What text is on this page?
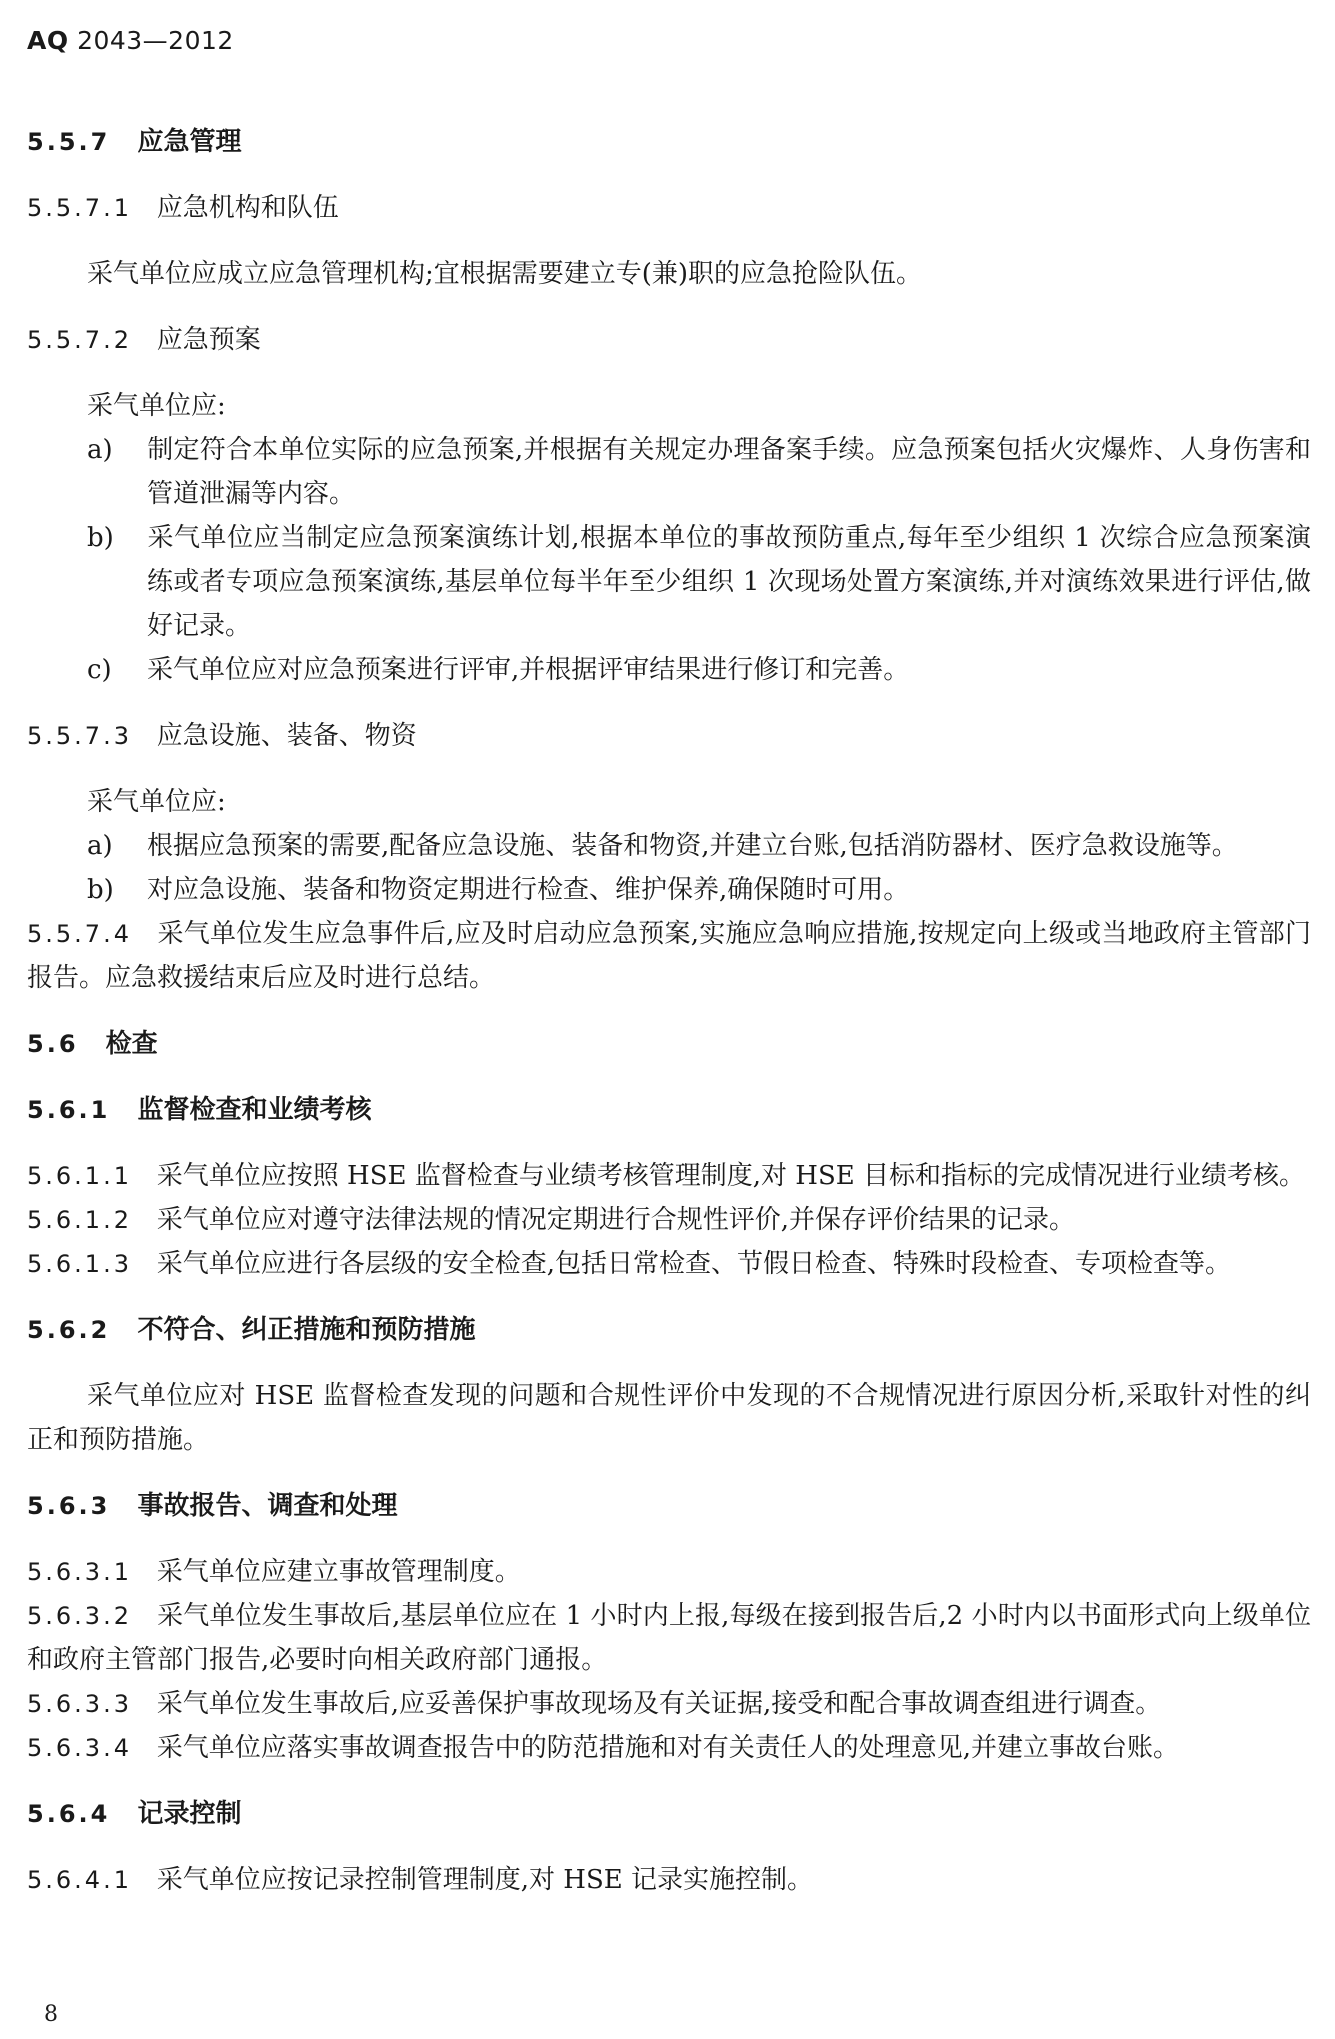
AQ 2043—2012

5.5.7 应急管理

5.5.7.1 应急机构和队伍

采气单位应成立应急管理机构;宜根据需要建立专(兼)职的应急抢险队伍。

5.5.7.2 应急预案

采气单位应:

a) 制定符合本单位实际的应急预案,并根据有关规定办理备案手续。应急预案包括火灾爆炸、人身伤害和管道泄漏等内容。

b) 采气单位应当制定应急预案演练计划,根据本单位的事故预防重点,每年至少组织 1 次综合应急预案演练或者专项应急预案演练,基层单位每半年至少组织 1 次现场处置方案演练,并对演练效果进行评估,做好记录。

c) 采气单位应对应急预案进行评审,并根据评审结果进行修订和完善。

5.5.7.3 应急设施、装备、物资

采气单位应:

a) 根据应急预案的需要,配备应急设施、装备和物资,并建立台账,包括消防器材、医疗急救设施等。

b) 对应急设施、装备和物资定期进行检查、维护保养,确保随时可用。

5.5.7.4 采气单位发生应急事件后,应及时启动应急预案,实施应急响应措施,按规定向上级或当地政府主管部门报告。应急救援结束后应及时进行总结。

5.6 检查

5.6.1 监督检查和业绩考核

5.6.1.1 采气单位应按照 HSE 监督检查与业绩考核管理制度,对 HSE 目标和指标的完成情况进行业绩考核。

5.6.1.2 采气单位应对遵守法律法规的情况定期进行合规性评价,并保存评价结果的记录。

5.6.1.3 采气单位应进行各层级的安全检查,包括日常检查、节假日检查、特殊时段检查、专项检查等。

5.6.2 不符合、纠正措施和预防措施

采气单位应对 HSE 监督检查发现的问题和合规性评价中发现的不合规情况进行原因分析,采取针对性的纠正和预防措施。

5.6.3 事故报告、调查和处理

5.6.3.1 采气单位应建立事故管理制度。

5.6.3.2 采气单位发生事故后,基层单位应在 1 小时内上报,每级在接到报告后,2 小时内以书面形式向上级单位和政府主管部门报告,必要时向相关政府部门通报。

5.6.3.3 采气单位发生事故后,应妥善保护事故现场及有关证据,接受和配合事故调查组进行调查。

5.6.3.4 采气单位应落实事故调查报告中的防范措施和对有关责任人的处理意见,并建立事故台账。

5.6.4 记录控制

5.6.4.1 采气单位应按记录控制管理制度,对 HSE 记录实施控制。

8
